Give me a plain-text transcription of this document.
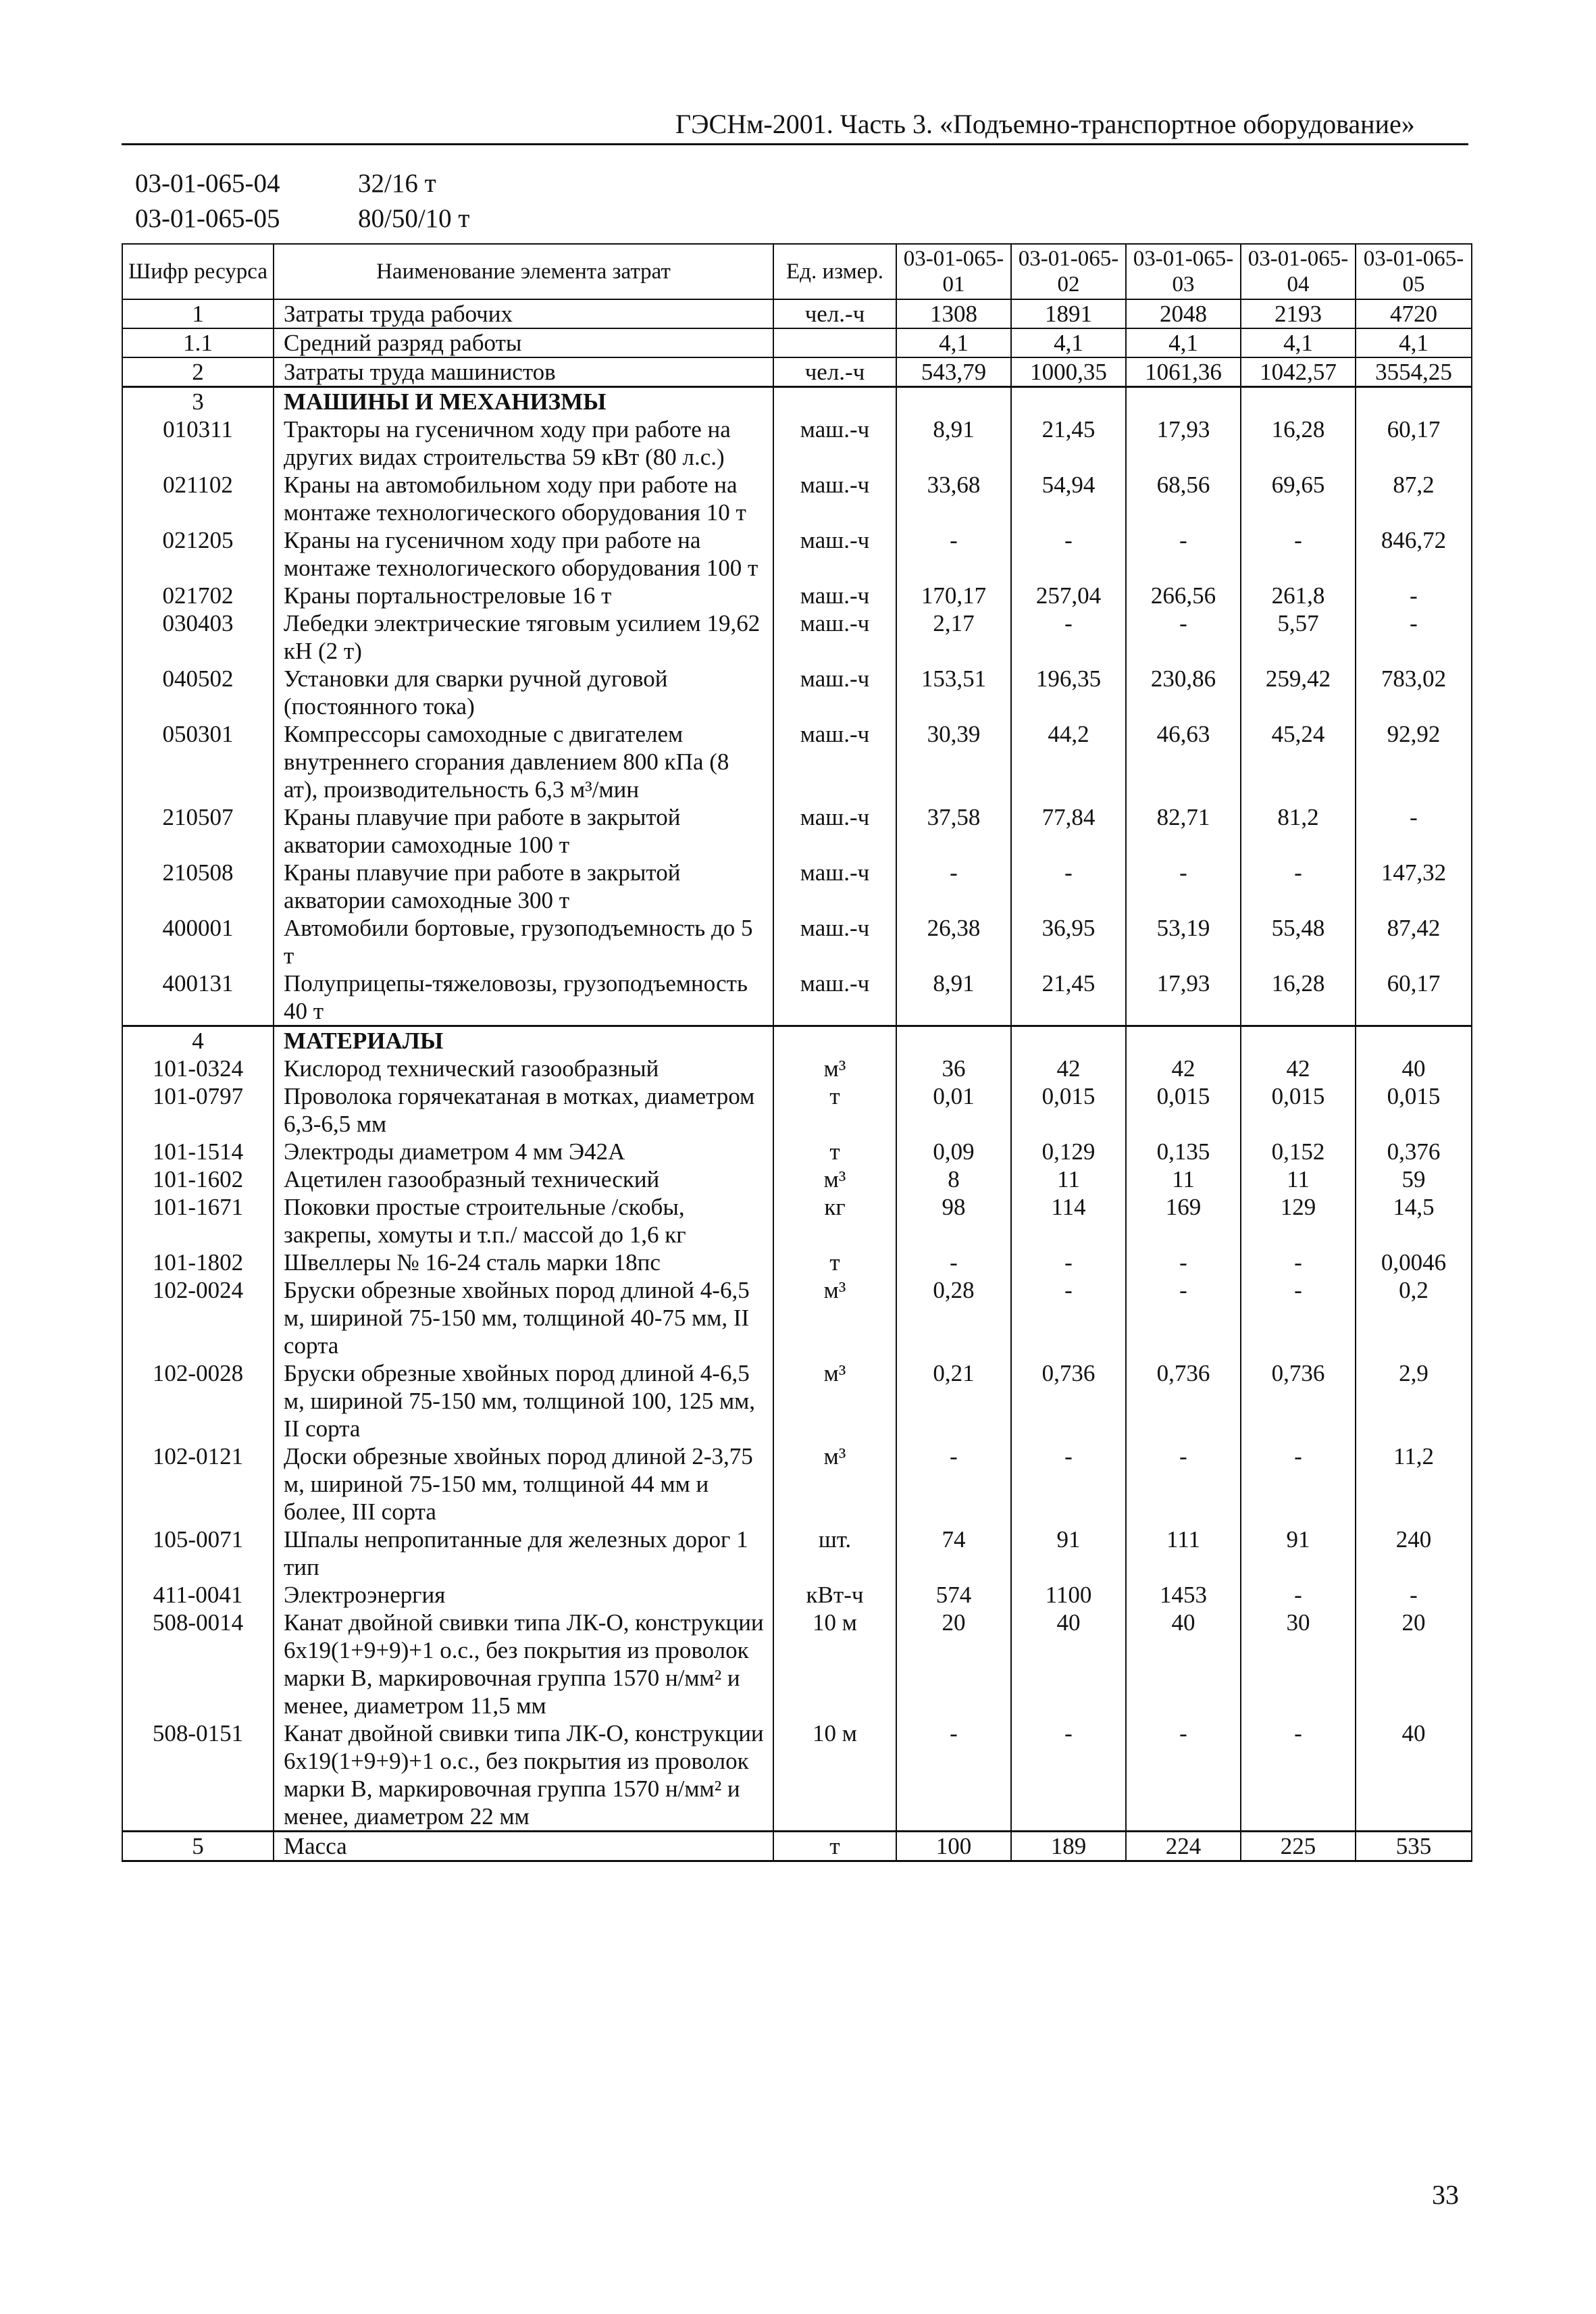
ГЭСНм-2001. Часть 3. «Подъемно-транспортное оборудование»
03-01-065-04	32/16 т
03-01-065-05	80/50/10 т
Шифр ресурса	Наименование элемента затрат	Ед. измер.	03-01-065-01	03-01-065-02	03-01-065-03	03-01-065-04	03-01-065-05
1	Затраты труда рабочих	чел.-ч	1308	1891	2048	2193	4720
1.1	Средний разряд работы		4,1	4,1	4,1	4,1	4,1
2	Затраты труда машинистов	чел.-ч	543,79	1000,35	1061,36	1042,57	3554,25
3	МАШИНЫ И МЕХАНИЗМЫ						
010311	Тракторы на гусеничном ходу при работе на других видах строительства 59 кВт (80 л.с.)	маш.-ч	8,91	21,45	17,93	16,28	60,17
021102	Краны на автомобильном ходу при работе на монтаже технологического оборудования 10 т	маш.-ч	33,68	54,94	68,56	69,65	87,2
021205	Краны на гусеничном ходу при работе на монтаже технологического оборудования 100 т	маш.-ч	-	-	-	-	846,72
021702	Краны портальностреловые 16 т	маш.-ч	170,17	257,04	266,56	261,8	-
030403	Лебедки электрические тяговым усилием 19,62 кН (2 т)	маш.-ч	2,17	-	-	5,57	-
040502	Установки для сварки ручной дуговой (постоянного тока)	маш.-ч	153,51	196,35	230,86	259,42	783,02
050301	Компрессоры самоходные с двигателем внутреннего сгорания давлением 800 кПа (8 ат), производительность 6,3 м³/мин	маш.-ч	30,39	44,2	46,63	45,24	92,92
210507	Краны плавучие при работе в закрытой акватории самоходные 100 т	маш.-ч	37,58	77,84	82,71	81,2	-
210508	Краны плавучие при работе в закрытой акватории самоходные 300 т	маш.-ч	-	-	-	-	147,32
400001	Автомобили бортовые, грузоподъемность до 5 т	маш.-ч	26,38	36,95	53,19	55,48	87,42
400131	Полуприцепы-тяжеловозы, грузоподъемность 40 т	маш.-ч	8,91	21,45	17,93	16,28	60,17
4	МАТЕРИАЛЫ						
101-0324	Кислород технический газообразный	м³	36	42	42	42	40
101-0797	Проволока горячекатаная в мотках, диаметром 6,3-6,5 мм	т	0,01	0,015	0,015	0,015	0,015
101-1514	Электроды диаметром 4 мм Э42А	т	0,09	0,129	0,135	0,152	0,376
101-1602	Ацетилен газообразный технический	м³	8	11	11	11	59
101-1671	Поковки простые строительные /скобы, закрепы, хомуты и т.п./ массой до 1,6 кг	кг	98	114	169	129	14,5
101-1802	Швеллеры № 16-24 сталь марки 18пс	т	-	-	-	-	0,0046
102-0024	Бруски обрезные хвойных пород длиной 4-6,5 м, шириной 75-150 мм, толщиной 40-75 мм, II сорта	м³	0,28	-	-	-	0,2
102-0028	Бруски обрезные хвойных пород длиной 4-6,5 м, шириной 75-150 мм, толщиной 100, 125 мм, II сорта	м³	0,21	0,736	0,736	0,736	2,9
102-0121	Доски обрезные хвойных пород длиной 2-3,75 м, шириной 75-150 мм, толщиной 44 мм и более, III сорта	м³	-	-	-	-	11,2
105-0071	Шпалы непропитанные для железных дорог 1 тип	шт.	74	91	111	91	240
411-0041	Электроэнергия	кВт-ч	574	1100	1453	-	-
508-0014	Канат двойной свивки типа ЛК-О, конструкции 6х19(1+9+9)+1 о.с., без покрытия из проволок марки В, маркировочная группа 1570 н/мм² и менее, диаметром 11,5 мм	10 м	20	40	40	30	20
508-0151	Канат двойной свивки типа ЛК-О, конструкции 6х19(1+9+9)+1 о.с., без покрытия из проволок марки В, маркировочная группа 1570 н/мм² и менее, диаметром 22 мм	10 м	-	-	-	-	40
5	Масса	т	100	189	224	225	535
33
